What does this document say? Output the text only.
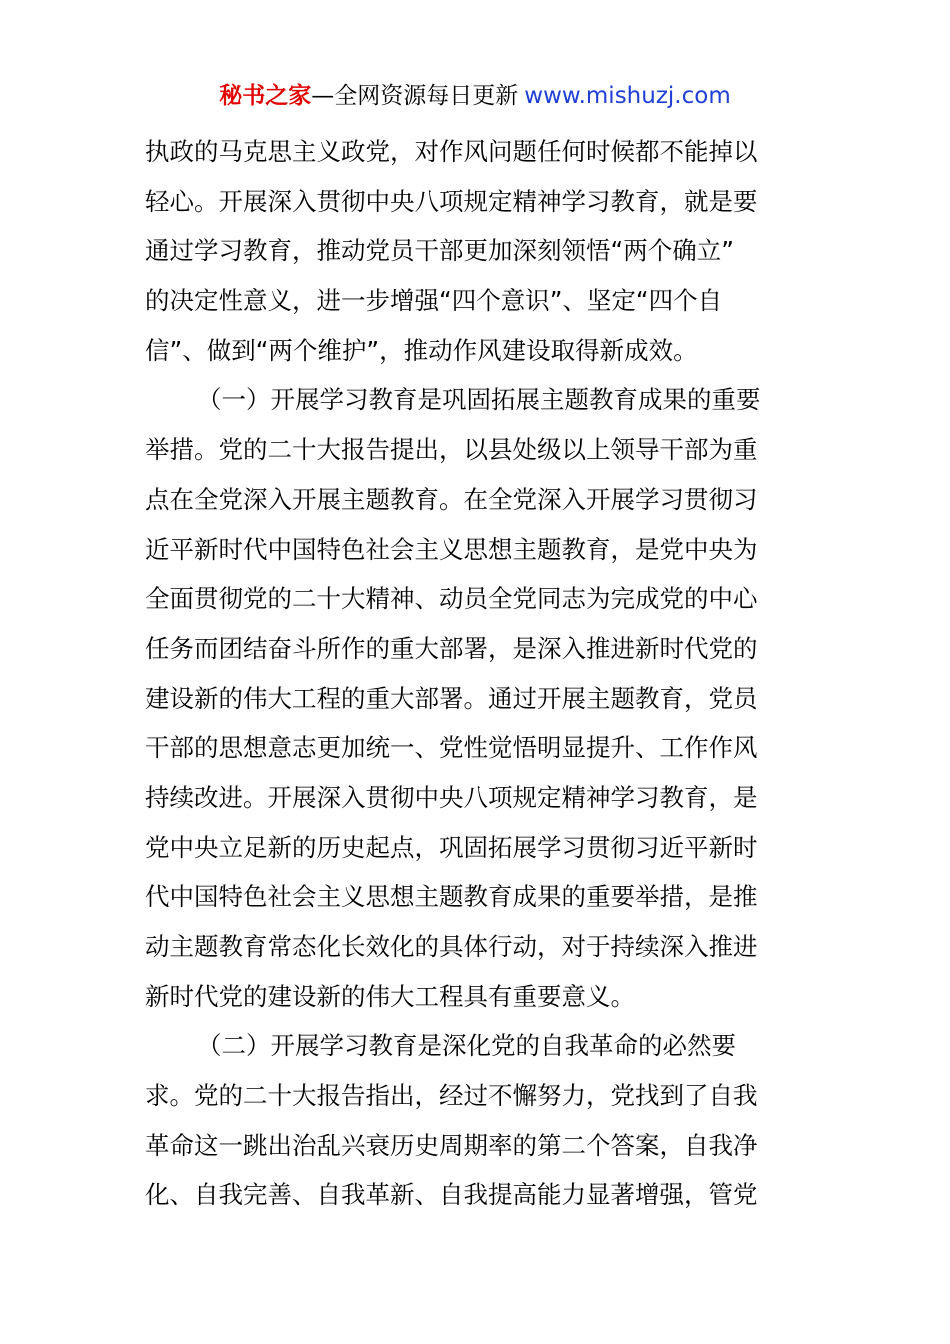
秘书之家—全网资源每日更新 www.mishuzj.com
执政的马克思主义政党，对作风问题任何时候都不能掉以
轻心。开展深入贯彻中央八项规定精神学习教育，就是要
通过学习教育，推动党员干部更加深刻领悟“两个确立”
的决定性意义，进一步增强“四个意识”、坚定“四个自
信”、做到“两个维护”，推动作风建设取得新成效。
（一）开展学习教育是巩固拓展主题教育成果的重要
举措。党的二十大报告提出，以县处级以上领导干部为重
点在全党深入开展主题教育。在全党深入开展学习贯彻习
近平新时代中国特色社会主义思想主题教育，是党中央为
全面贯彻党的二十大精神、动员全党同志为完成党的中心
任务而团结奋斗所作的重大部署，是深入推进新时代党的
建设新的伟大工程的重大部署。通过开展主题教育，党员
干部的思想意志更加统一、党性觉悟明显提升、工作作风
持续改进。开展深入贯彻中央八项规定精神学习教育，是
党中央立足新的历史起点，巩固拓展学习贯彻习近平新时
代中国特色社会主义思想主题教育成果的重要举措，是推
动主题教育常态化长效化的具体行动，对于持续深入推进
新时代党的建设新的伟大工程具有重要意义。
（二）开展学习教育是深化党的自我革命的必然要
求。党的二十大报告指出，经过不懈努力，党找到了自我
革命这一跳出治乱兴衰历史周期率的第二个答案，自我净
化、自我完善、自我革新、自我提高能力显著增强，管党
